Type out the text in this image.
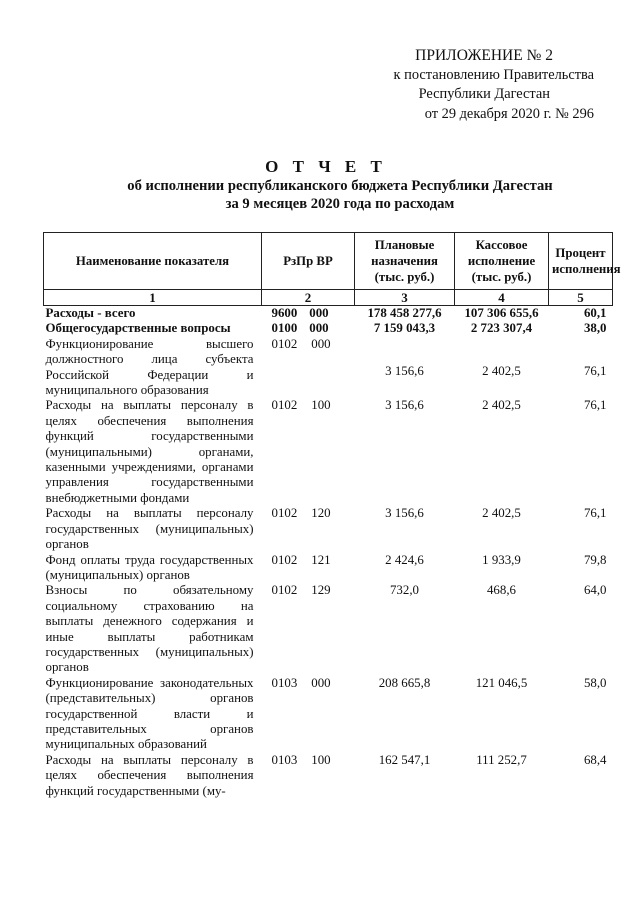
ПРИЛОЖЕНИЕ № 2
к постановлению Правительства
Республики Дагестан
от 29 декабря 2020 г. № 296
О Т Ч Е Т
об исполнении республиканского бюджета Республики Дагестан
за 9 месяцев 2020 года по расходам
Наименование показателя	РзПр ВР	Плановые назначения (тыс. руб.)	Кассовое исполнение (тыс. руб.)	Процент исполнения
1	2	3	4	5
Расходы - всего	9600 000	178 458 277,6	107 306 655,6	60,1
Общегосударственные вопросы	0100 000	7 159 043,3	2 723 307,4	38,0
Функционирование высшего должностного лица субъекта Российской Федерации и муниципального образования	0102 000	3 156,6	2 402,5	76,1

Расходы на выплаты персоналу в целях обеспечения выполнения функций государственными (муниципальными) органами, казенными учреждениями, органами управления государственными внебюджетными фондами	0102 100	3 156,6	2 402,5	76,1
Расходы на выплаты персоналу государственных (муниципальных) органов	0102 120	3 156,6	2 402,5	76,1
Фонд оплаты труда государственных (муниципальных) органов	0102 121	2 424,6	1 933,9	79,8
Взносы по обязательному социальному страхованию на выплаты денежного содержания и иные выплаты работникам государственных (муниципальных) органов	0102 129	732,0	468,6	64,0
Функционирование законодательных (представительных) органов государственной власти и представительных органов муниципальных образований	0103 000	208 665,8	121 046,5	58,0
Расходы на выплаты персоналу в целях обеспечения выполнения функций государственными (му-	0103 100	162 547,1	111 252,7	68,4
